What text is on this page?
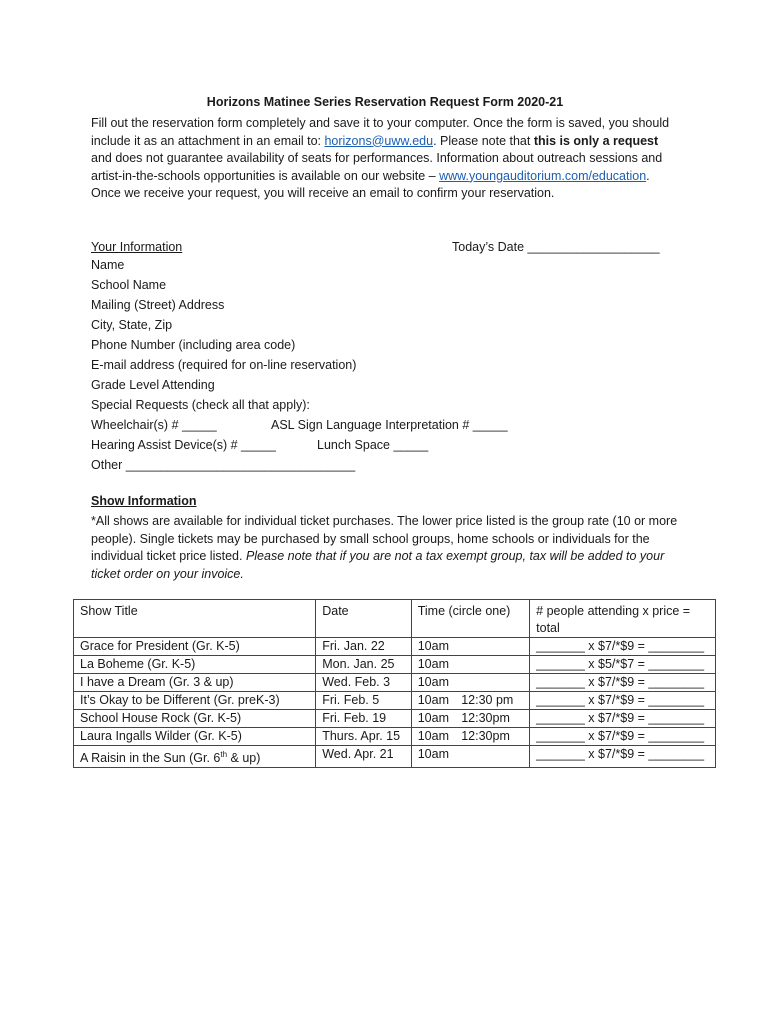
Horizons Matinee Series Reservation Request Form 2020-21
Fill out the reservation form completely and save it to your computer. Once the form is saved, you should include it as an attachment in an email to: horizons@uww.edu. Please note that this is only a request and does not guarantee availability of seats for performances. Information about outreach sessions and artist-in-the-schools opportunities is available on our website – www.youngauditorium.com/education. Once we receive your request, you will receive an email to confirm your reservation.
Your Information	Today’s Date ___________________
Name
School Name
Mailing (Street) Address
City, State, Zip
Phone Number (including area code)
E-mail address (required for on-line reservation)
Grade Level Attending
Special Requests (check all that apply):
Wheelchair(s) # _____	ASL Sign Language Interpretation # _____
Hearing Assist Device(s) # _____	Lunch Space _____
Other _________________________________
Show Information
*All shows are available for individual ticket purchases. The lower price listed is the group rate (10 or more people). Single tickets may be purchased by small school groups, home schools or individuals for the individual ticket price listed. Please note that if you are not a tax exempt group, tax will be added to your ticket order on your invoice.
Show Title	Date	Time (circle one)	# people attending x price = total
Grace for President (Gr. K-5)	Fri. Jan. 22	10am	_______ x $7/*$9 = ________
La Boheme (Gr. K-5)	Mon. Jan. 25	10am	_______ x $5/*$7 = ________
I have a Dream (Gr. 3 & up)	Wed. Feb. 3	10am	_______ x $7/*$9 = ________
It’s Okay to be Different (Gr. preK-3)	Fri. Feb. 5	10am 12:30 pm	_______ x $7/*$9 = ________
School House Rock (Gr. K-5)	Fri. Feb. 19	10am 12:30pm	_______ x $7/*$9 = ________
Laura Ingalls Wilder (Gr. K-5)	Thurs. Apr. 15	10am 12:30pm	_______ x $7/*$9 = ________
A Raisin in the Sun (Gr. 6th & up)	Wed. Apr. 21	10am	_______ x $7/*$9 = ________
